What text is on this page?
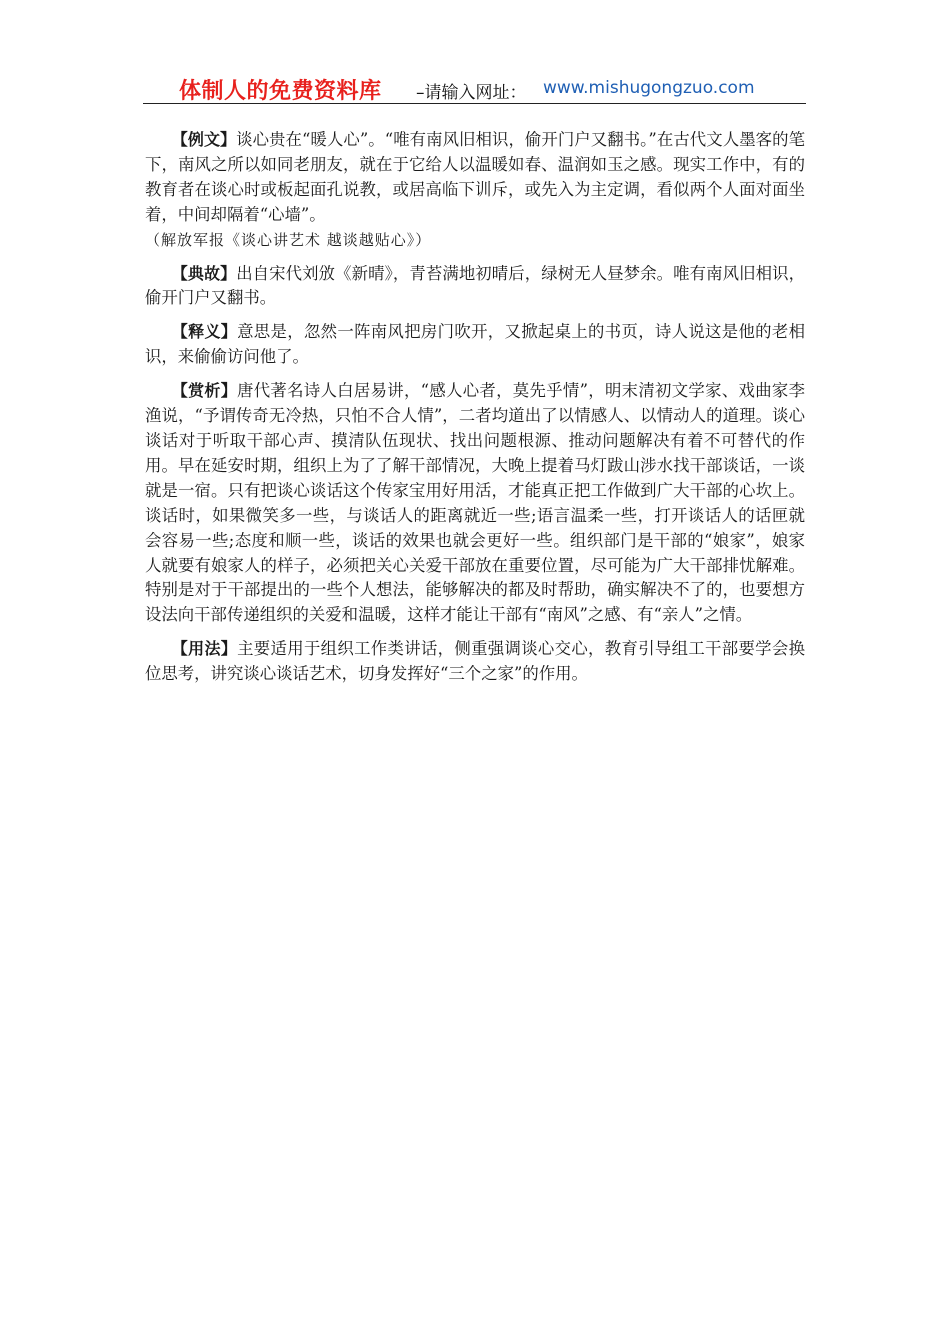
体制人的免费资料库 –请输入网址： www.mishugongzuo.com

【例文】谈心贵在“暖人心”。“唯有南风旧相识，偷开门户又翻书。”在古代文人墨客的笔下，南风之所以如同老朋友，就在于它给人以温暖如春、温润如玉之感。现实工作中，有的教育者在谈心时或板起面孔说教，或居高临下训斥，或先入为主定调，看似两个人面对面坐着，中间却隔着“心墙”。
（解放军报《谈心讲艺术 越谈越贴心》）

【典故】出自宋代刘攽《新晴》，青苔满地初晴后，绿树无人昼梦余。唯有南风旧相识，偷开门户又翻书。

【释义】意思是，忽然一阵南风把房门吹开，又掀起桌上的书页，诗人说这是他的老相识，来偷偷访问他了。

【赏析】唐代著名诗人白居易讲，“感人心者，莫先乎情”，明末清初文学家、戏曲家李渔说，“予谓传奇无冷热，只怕不合人情”，二者均道出了以情感人、以情动人的道理。谈心谈话对于听取干部心声、摸清队伍现状、找出问题根源、推动问题解决有着不可替代的作用。早在延安时期，组织上为了了解干部情况，大晚上提着马灯跋山涉水找干部谈话，一谈就是一宿。只有把谈心谈话这个传家宝用好用活，才能真正把工作做到广大干部的心坎上。谈话时，如果微笑多一些，与谈话人的距离就近一些;语言温柔一些，打开谈话人的话匣就会容易一些;态度和顺一些，谈话的效果也就会更好一些。组织部门是干部的“娘家”，娘家人就要有娘家人的样子，必须把关心关爱干部放在重要位置，尽可能为广大干部排忧解难。特别是对于干部提出的一些个人想法，能够解决的都及时帮助，确实解决不了的，也要想方设法向干部传递组织的关爱和温暖，这样才能让干部有“南风”之感、有“亲人”之情。

【用法】主要适用于组织工作类讲话，侧重强调谈心交心，教育引导组工干部要学会换位思考，讲究谈心谈话艺术，切身发挥好“三个之家”的作用。
